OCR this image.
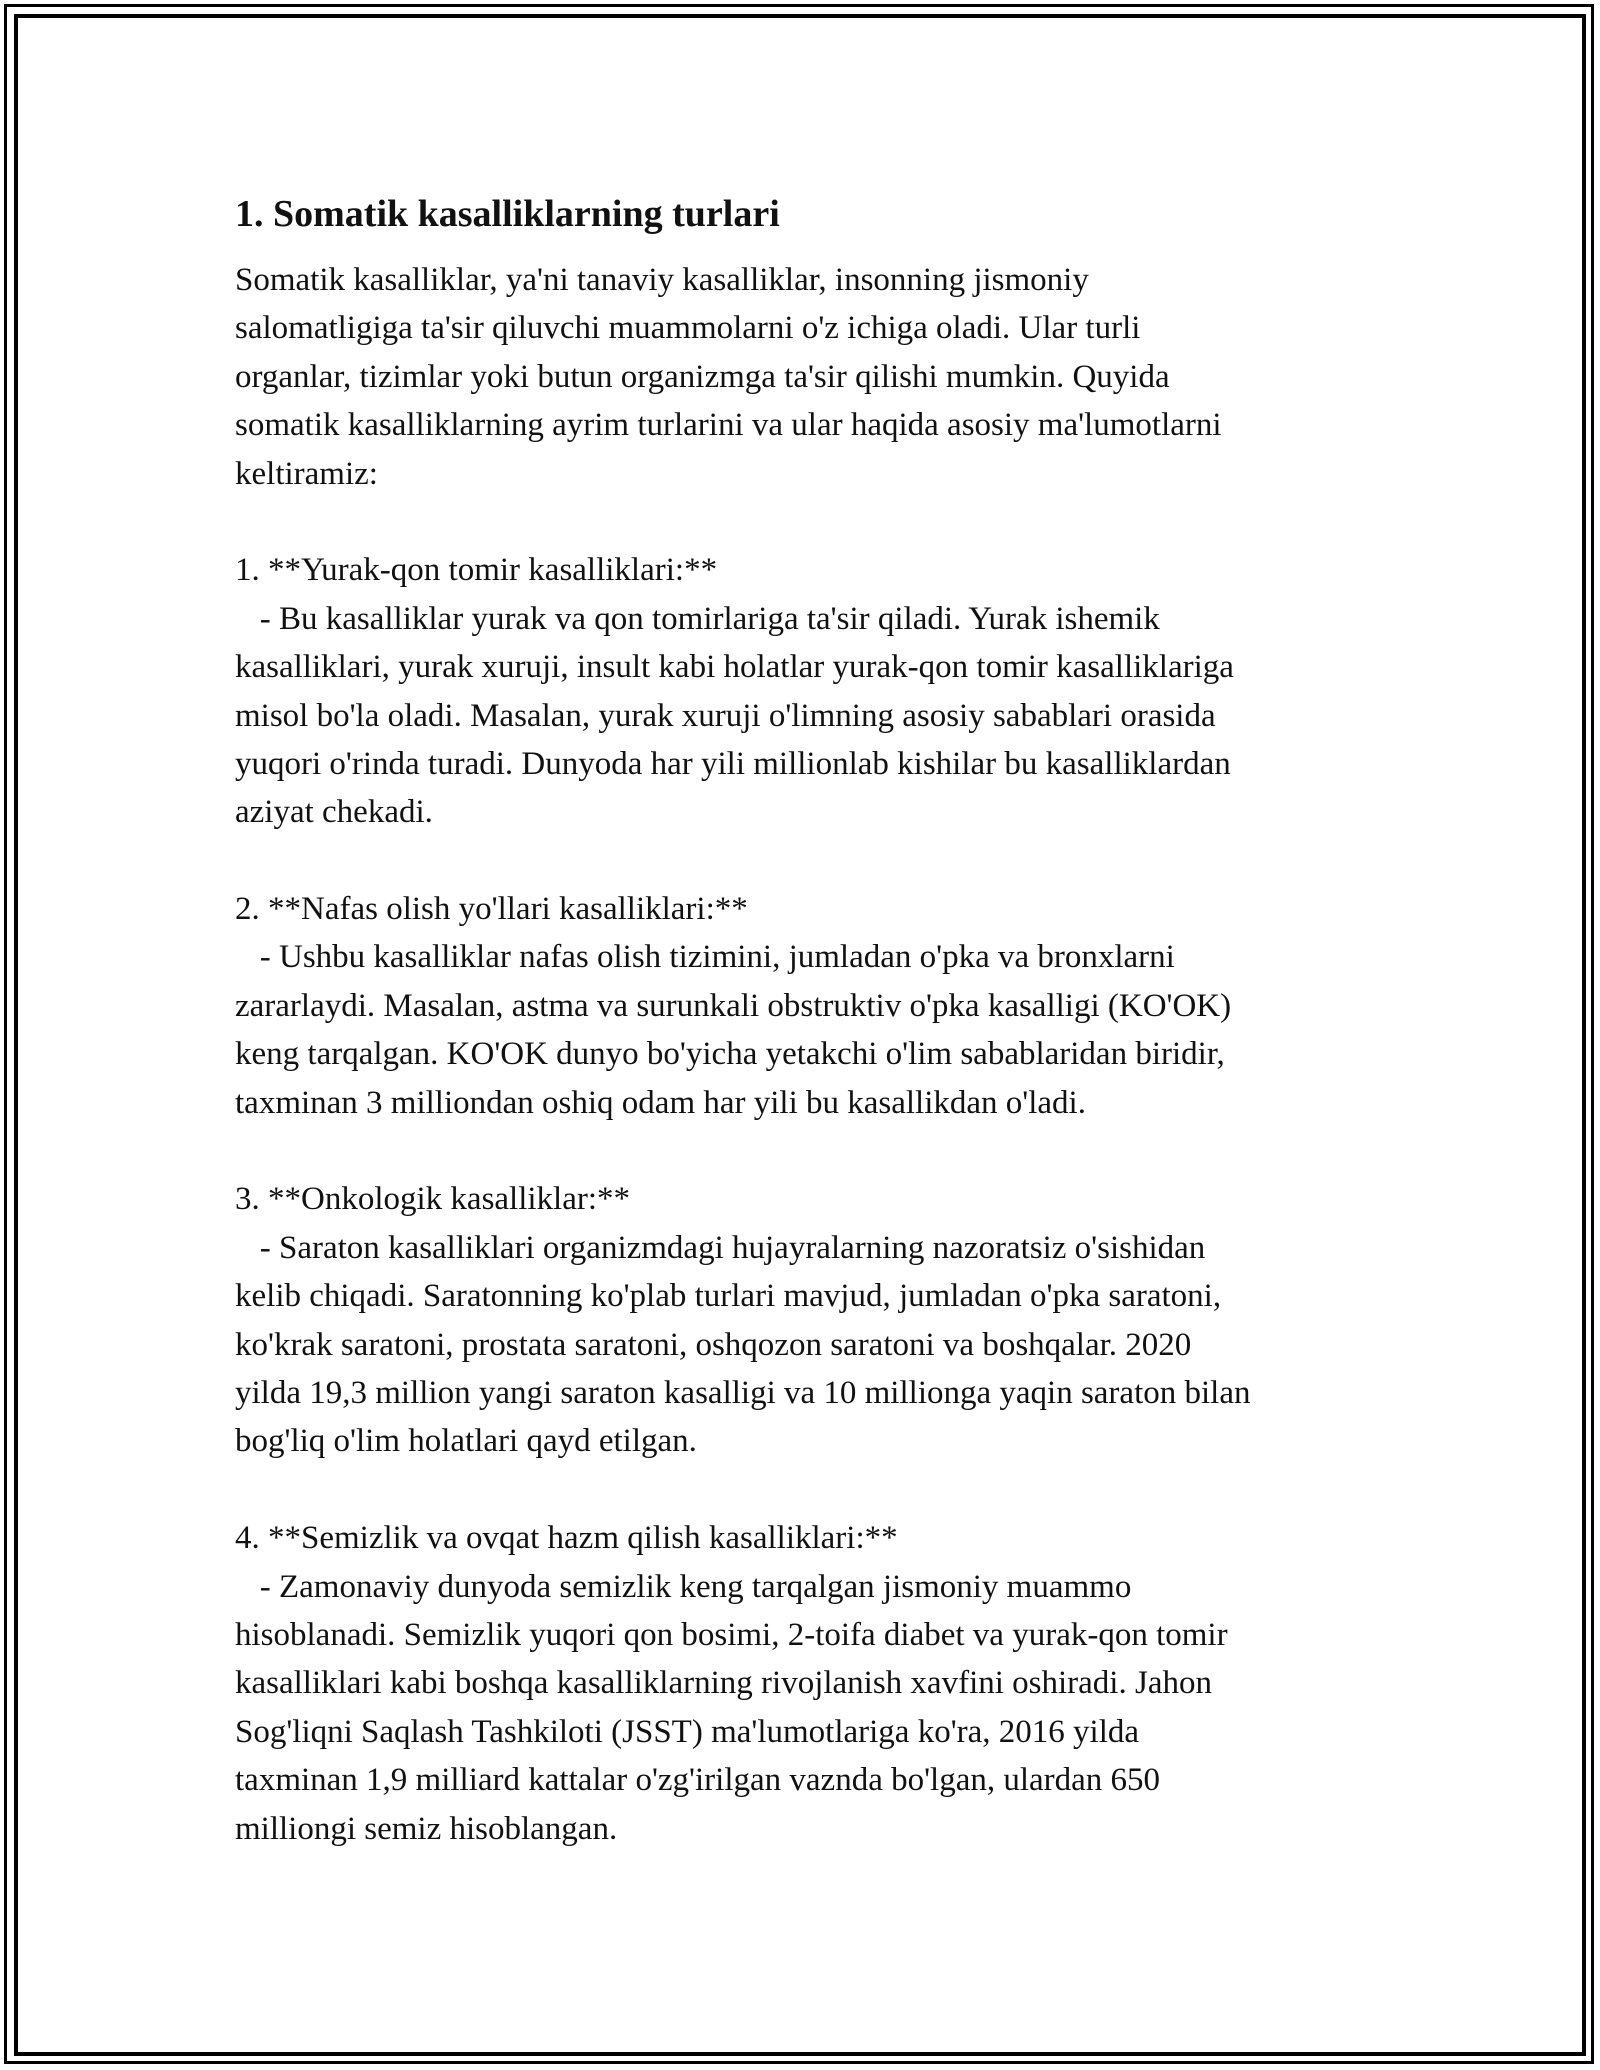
1. Somatik kasalliklarning turlari
Somatik kasalliklar, ya'ni tanaviy kasalliklar, insonning jismoniy
salomatligiga ta'sir qiluvchi muammolarni o'z ichiga oladi. Ular turli
organlar, tizimlar yoki butun organizmga ta'sir qilishi mumkin. Quyida
somatik kasalliklarning ayrim turlarini va ular haqida asosiy ma'lumotlarni
keltiramiz:
1. **Yurak-qon tomir kasalliklari:**
- Bu kasalliklar yurak va qon tomirlariga ta'sir qiladi. Yurak ishemik
kasalliklari, yurak xuruji, insult kabi holatlar yurak-qon tomir kasalliklariga
misol bo'la oladi. Masalan, yurak xuruji o'limning asosiy sabablari orasida
yuqori o'rinda turadi. Dunyoda har yili millionlab kishilar bu kasalliklardan
aziyat chekadi.
2. **Nafas olish yo'llari kasalliklari:**
- Ushbu kasalliklar nafas olish tizimini, jumladan o'pka va bronxlarni
zararlaydi. Masalan, astma va surunkali obstruktiv o'pka kasalligi (KO'OK)
keng tarqalgan. KO'OK dunyo bo'yicha yetakchi o'lim sabablaridan biridir,
taxminan 3 milliondan oshiq odam har yili bu kasallikdan o'ladi.
3. **Onkologik kasalliklar:**
- Saraton kasalliklari organizmdagi hujayralarning nazoratsiz o'sishidan
kelib chiqadi. Saratonning ko'plab turlari mavjud, jumladan o'pka saratoni,
ko'krak saratoni, prostata saratoni, oshqozon saratoni va boshqalar. 2020
yilda 19,3 million yangi saraton kasalligi va 10 millionga yaqin saraton bilan
bog'liq o'lim holatlari qayd etilgan.
4. **Semizlik va ovqat hazm qilish kasalliklari:**
- Zamonaviy dunyoda semizlik keng tarqalgan jismoniy muammo
hisoblanadi. Semizlik yuqori qon bosimi, 2-toifa diabet va yurak-qon tomir
kasalliklari kabi boshqa kasalliklarning rivojlanish xavfini oshiradi. Jahon
Sog'liqni Saqlash Tashkiloti (JSST) ma'lumotlariga ko'ra, 2016 yilda
taxminan 1,9 milliard kattalar o'zg'irilgan vaznda bo'lgan, ulardan 650
milliongi semiz hisoblangan.
